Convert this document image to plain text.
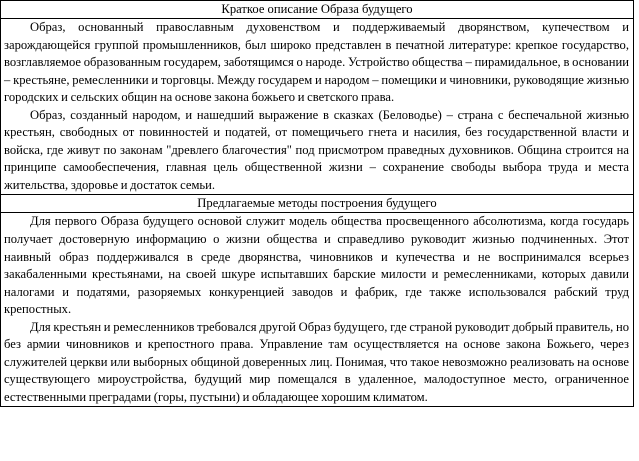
Краткое описание Образа будущего

Образ, основанный православным духовенством и поддерживаемый дворянством, купечеством и зарождающейся группой промышленников, был широко представлен в печатной литературе: крепкое государство, возглавляемое образованным государем, заботящимся о народе. Устройство общества – пирамидальное, в основании – крестьяне, ремесленники и торговцы. Между государем и народом – помещики и чиновники, руководящие жизнью городских и сельских общин на основе закона божьего и светского права.

Образ, созданный народом, и нашедший выражение в сказках (Беловодье) – страна с беспечальной жизнью крестьян, свободных от повинностей и податей, от помещичьего гнета и насилия, без государственной власти и войска, где живут по законам "древлего благочестия" под присмотром праведных духовников. Община строится на принципе самообеспечения, главная цель общественной жизни – сохранение свободы выбора труда и места жительства, здоровье и достаток семьи.

Предлагаемые методы построения будущего

Для первого Образа будущего основой служит модель общества просвещенного абсолютизма, когда государь получает достоверную информацию о жизни общества и справедливо руководит жизнью подчиненных. Этот наивный образ поддерживался в среде дворянства, чиновников и купечества и не воспринимался всерьез закабаленными крестьянами, на своей шкуре испытавших барские милости и ремесленниками, которых давили налогами и податями, разоряемых конкуренцией заводов и фабрик, где также использовался рабский труд крепостных.

Для крестьян и ремесленников требовался другой Образ будущего, где страной руководит добрый правитель, но без армии чиновников и крепостного права. Управление там осуществляется на основе закона Божьего, через служителей церкви или выборных общиной доверенных лиц. Понимая, что такое невозможно реализовать на основе существующего мироустройства, будущий мир помещался в удаленное, малодоступное место, ограниченное естественными преградами (горы, пустыни) и обладающее хорошим климатом.
